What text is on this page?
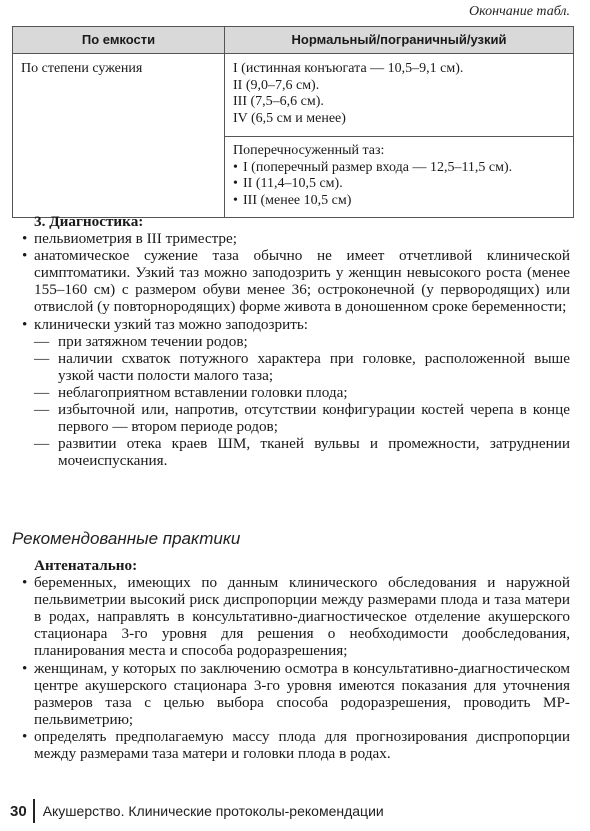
Окончание табл.
По емкости	Нормальный/пограничный/узкий
По степени сужения	I (истинная конъюгата — 10,5–9,1 см).
II (9,0–7,6 см).
III (7,5–6,6 см).
IV (6,5 см и менее)

	Поперечносуженный таз:
• I (поперечный размер входа — 12,5–11,5 см).
• II (11,4–10,5 см).
• III (менее 10,5 см)
3. Диагностика:
• пельвиометрия в III триместре;
• анатомическое сужение таза обычно не имеет отчетливой клинической симптоматики. Узкий таз можно заподозрить у женщин невысокого роста (менее 155–160 см) с размером обуви менее 36; остроконечной (у первородящих) или отвислой (у повторнородящих) форме живота в доношенном сроке беременности;
• клинически узкий таз можно заподозрить:
— при затяжном течении родов;
— наличии схваток потужного характера при головке, расположенной выше узкой части полости малого таза;
— неблагоприятном вставлении головки плода;
— избыточной или, напротив, отсутствии конфигурации костей черепа в конце первого — втором периоде родов;
— развитии отека краев ШМ, тканей вульвы и промежности, затруднении мочеиспускания.
Рекомендованные практики
Антенатально:
• беременных, имеющих по данным клинического обследования и наружной пельвиметрии высокий риск диспропорции между размерами плода и таза матери в родах, направлять в консультативно-диагностическое отделение акушерского стационара 3-го уровня для решения о необходимости дообследования, планирования места и способа родоразрешения;
• женщинам, у которых по заключению осмотра в консультативно-диагностическом центре акушерского стационара 3-го уровня имеются показания для уточнения размеров таза с целью выбора способа родоразрешения, проводить МР-пельвиметрию;
• определять предполагаемую массу плода для прогнозирования диспропорции между размерами таза матери и головки плода в родах.
30	Акушерство. Клинические протоколы-рекомендации
